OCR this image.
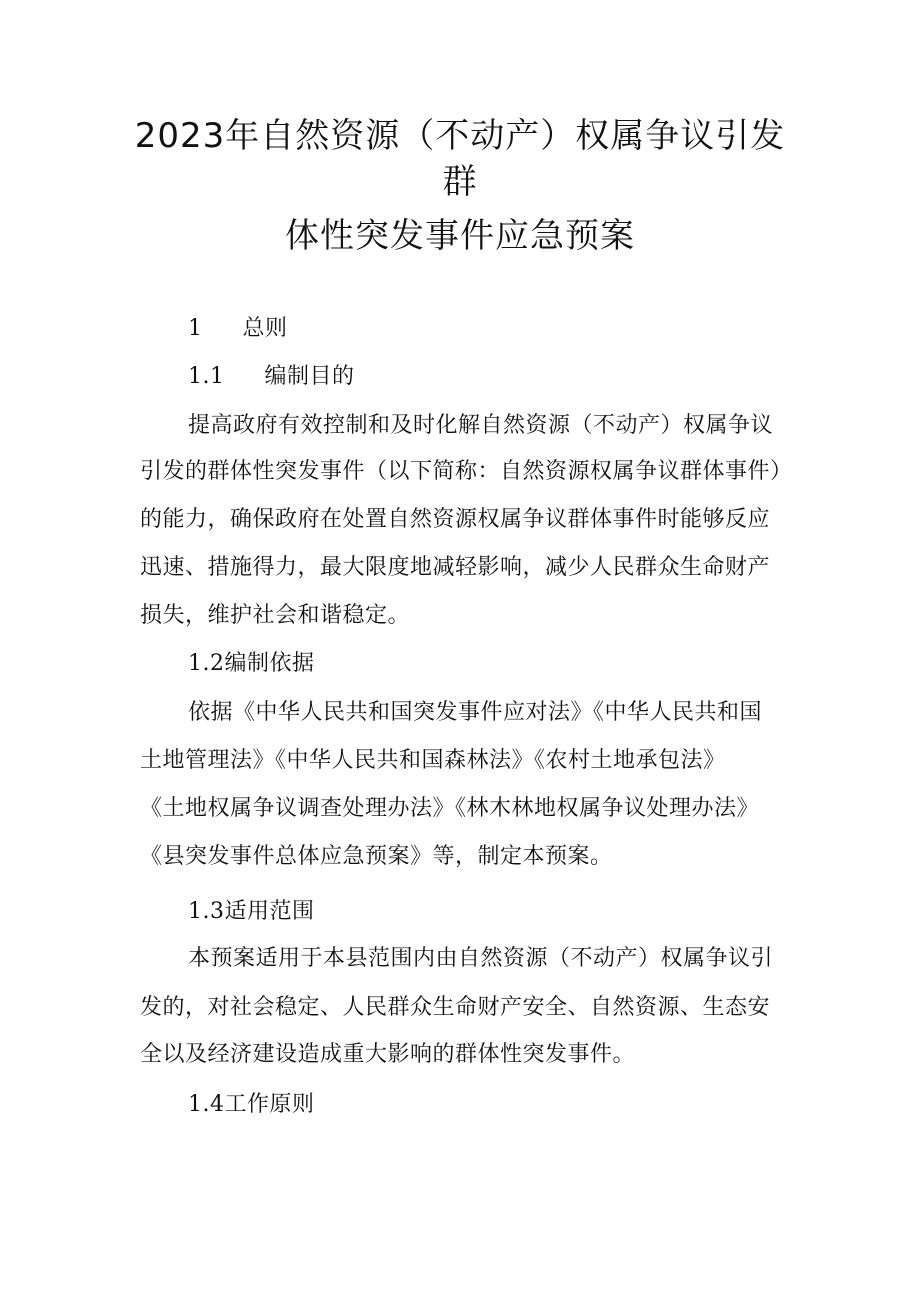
2023年自然资源（不动产）权属争议引发
群
体性突发事件应急预案
1 总则
1.1 编制目的
提高政府有效控制和及时化解自然资源（不动产）权属争议
引发的群体性突发事件（以下简称：自然资源权属争议群体事件）
的能力，确保政府在处置自然资源权属争议群体事件时能够反应
迅速、措施得力，最大限度地减轻影响，减少人民群众生命财产
损失，维护社会和谐稳定。
1.2编制依据
依据《中华人民共和国突发事件应对法》《中华人民共和国
土地管理法》《中华人民共和国森林法》《农村土地承包法》
《土地权属争议调查处理办法》《林木林地权属争议处理办法》
《县突发事件总体应急预案》等，制定本预案。
1.3适用范围
本预案适用于本县范围内由自然资源（不动产）权属争议引
发的，对社会稳定、人民群众生命财产安全、自然资源、生态安
全以及经济建设造成重大影响的群体性突发事件。
1.4工作原则
